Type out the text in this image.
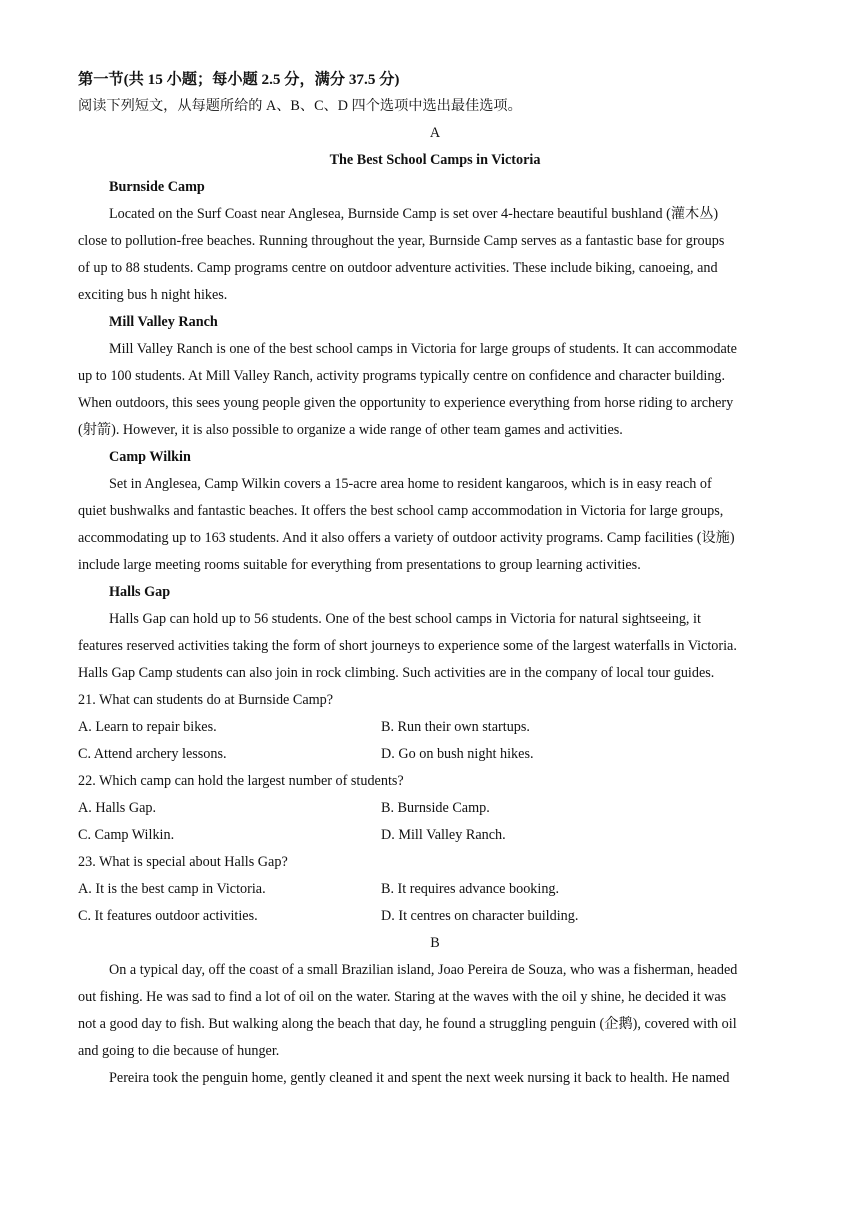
第一节(共 15 小题；每小题 2.5 分，满分 37.5 分)
阅读下列短文，从每题所给的 A、B、C、D 四个选项中选出最佳选项。
A
The Best School Camps in Victoria
Burnside Camp
Located on the Surf Coast near Anglesea, Burnside Camp is set over 4-hectare beautiful bushland (灌木丛)
close to pollution-free beaches. Running throughout the year, Burnside Camp serves as a fantastic base for groups
of up to 88 students. Camp programs centre on outdoor adventure activities. These include biking, canoeing, and
exciting bus h night hikes.
Mill Valley Ranch
Mill Valley Ranch is one of the best school camps in Victoria for large groups of students. It can accommodate
up to 100 students. At Mill Valley Ranch, activity programs typically centre on confidence and character building.
When outdoors, this sees young people given the opportunity to experience everything from horse riding to archery
(射箭). However, it is also possible to organize a wide range of other team games and activities.
Camp Wilkin
Set in Anglesea, Camp Wilkin covers a 15-acre area home to resident kangaroos, which is in easy reach of
quiet bushwalks and fantastic beaches. It offers the best school camp accommodation in Victoria for large groups,
accommodating up to 163 students. And it also offers a variety of outdoor activity programs. Camp facilities (设施)
include large meeting rooms suitable for everything from presentations to group learning activities.
Halls Gap
Halls Gap can hold up to 56 students. One of the best school camps in Victoria for natural sightseeing, it
features reserved activities taking the form of short journeys to experience some of the largest waterfalls in Victoria.
Halls Gap Camp students can also join in rock climbing. Such activities are in the company of local tour guides.
21. What can students do at Burnside Camp?
A. Learn to repair bikes.	B. Run their own startups.
C. Attend archery lessons.	D. Go on bush night hikes.
22. Which camp can hold the largest number of students?
A. Halls Gap.	B. Burnside Camp.
C. Camp Wilkin.	D. Mill Valley Ranch.
23. What is special about Halls Gap?
A. It is the best camp in Victoria.	B. It requires advance booking.
C. It features outdoor activities.	D. It centres on character building.
B
On a typical day, off the coast of a small Brazilian island, Joao Pereira de Souza, who was a fisherman, headed
out fishing. He was sad to find a lot of oil on the water. Staring at the waves with the oil y shine, he decided it was
not a good day to fish. But walking along the beach that day, he found a struggling penguin (企鹅), covered with oil
and going to die because of hunger.
Pereira took the penguin home, gently cleaned it and spent the next week nursing it back to health. He named
